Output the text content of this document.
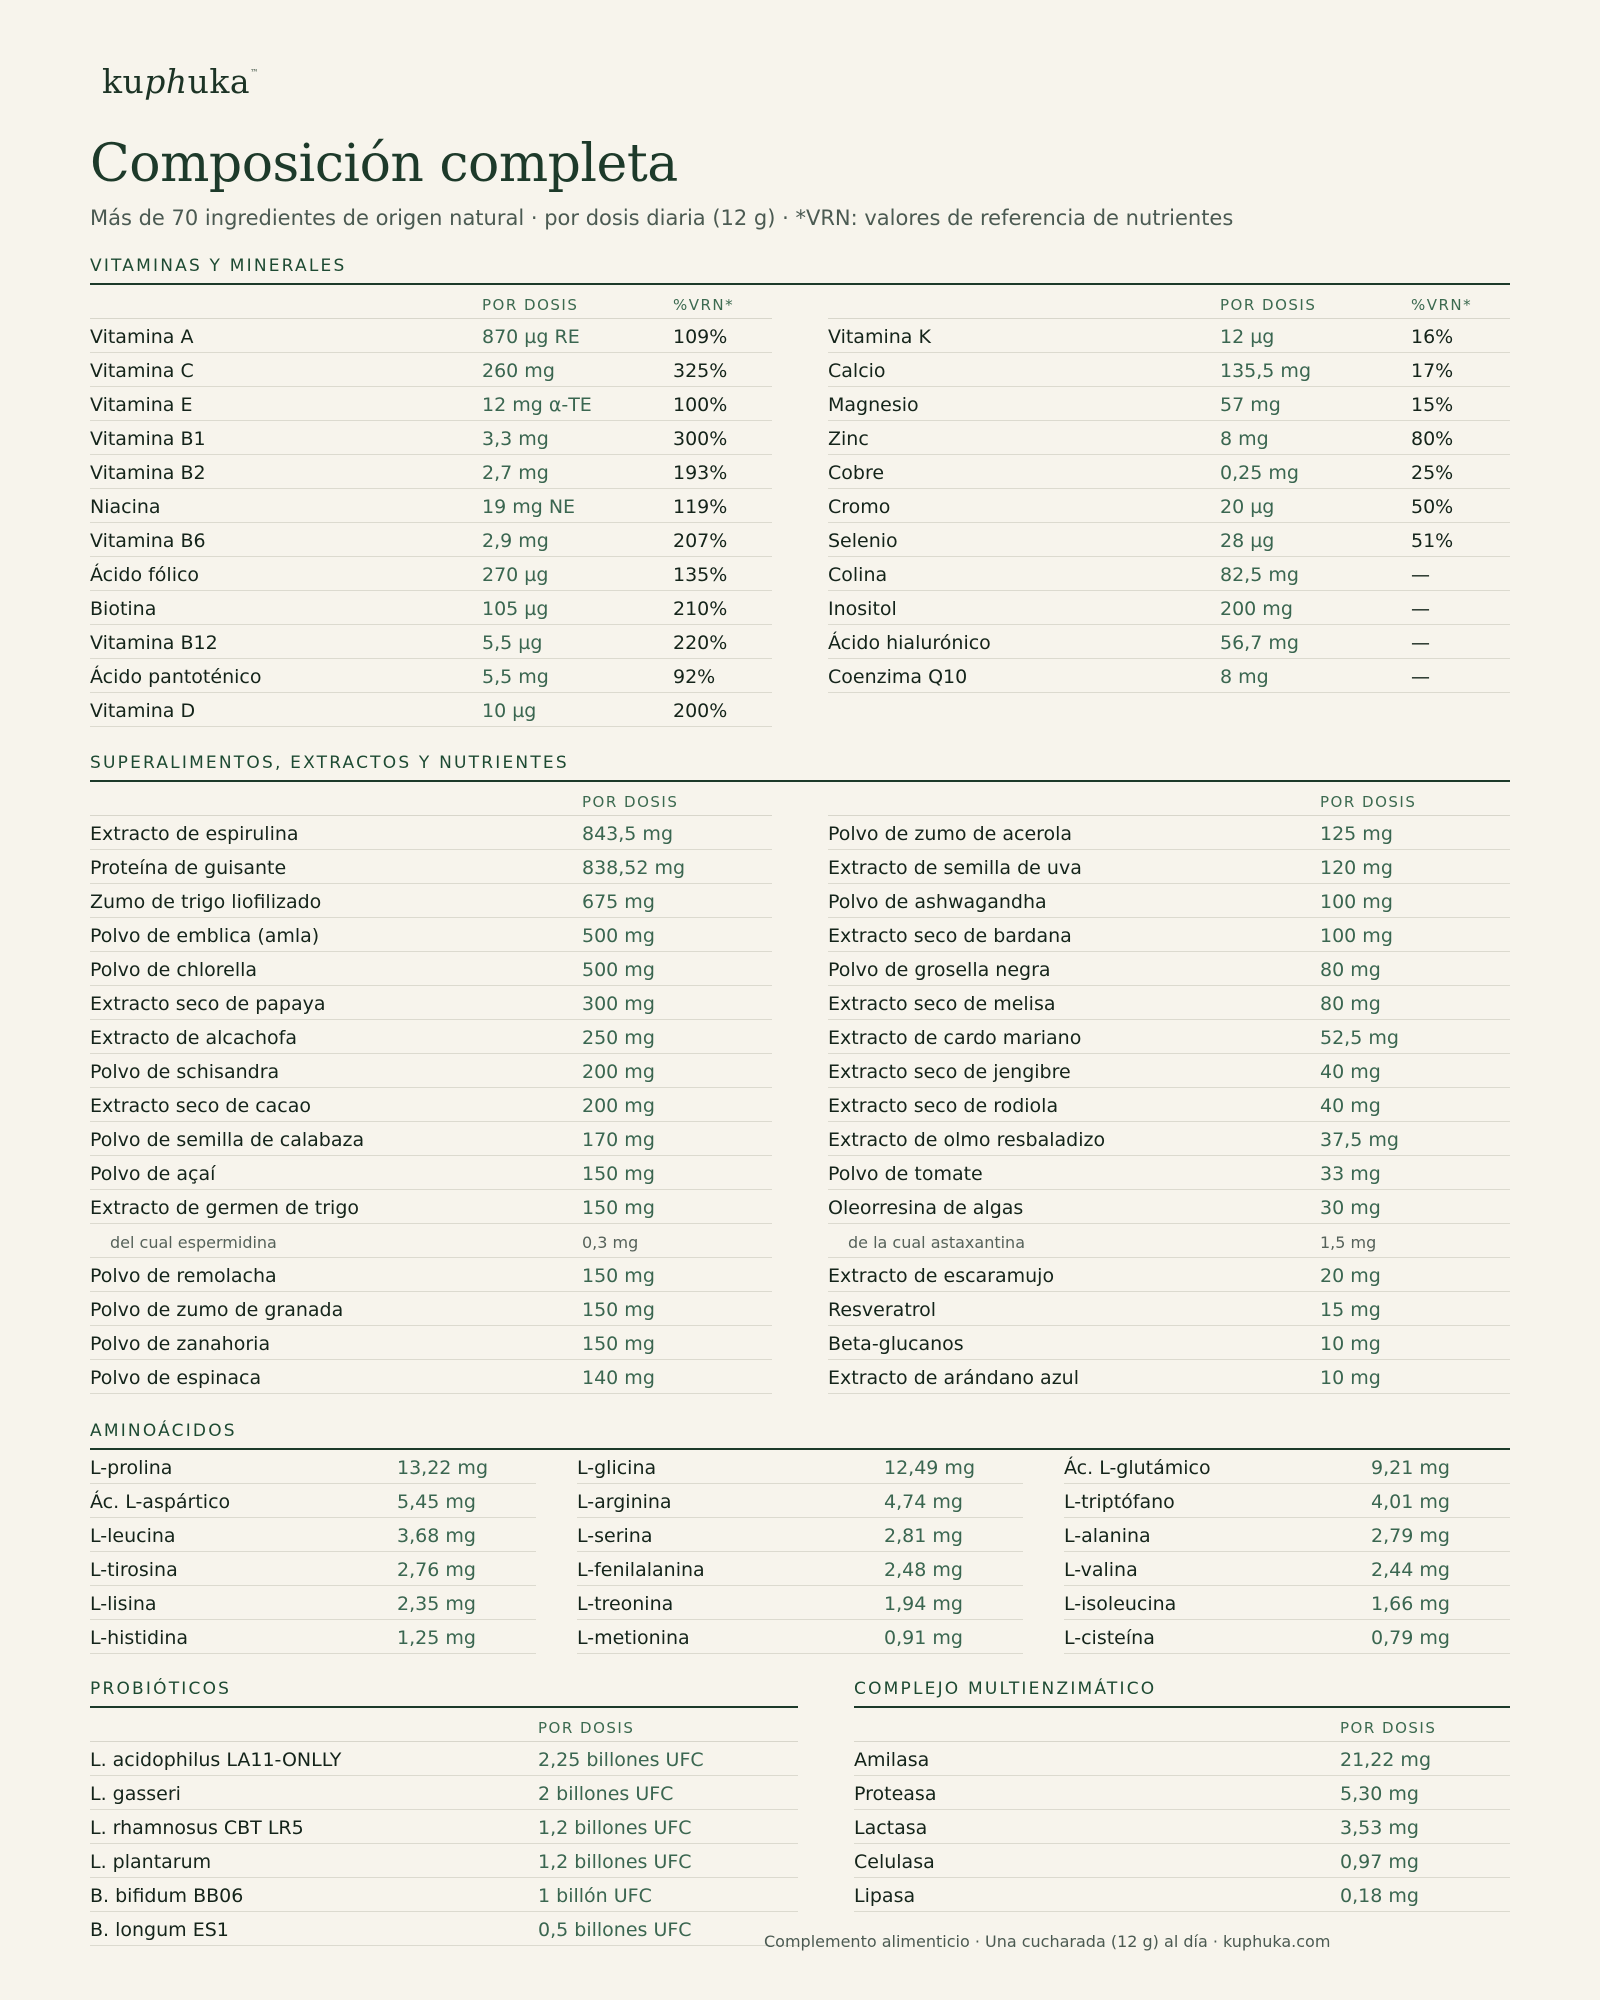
kuphuka™
Composición completa
Más de 70 ingredientes de origen natural · por dosis diaria (12 g) · *VRN: valores de referencia de nutrientes
VITAMINAS Y MINERALES
POR DOSIS	%VRN*
Vitamina A	870 µg RE	109%
Vitamina C	260 mg	325%
Vitamina E	12 mg α-TE	100%
Vitamina B1	3,3 mg	300%
Vitamina B2	2,7 mg	193%
Niacina	19 mg NE	119%
Vitamina B6	2,9 mg	207%
Ácido fólico	270 µg	135%
Biotina	105 µg	210%
Vitamina B12	5,5 µg	220%
Ácido pantoténico	5,5 mg	92%
Vitamina D	10 µg	200%
POR DOSIS	%VRN*
Vitamina K	12 µg	16%
Calcio	135,5 mg	17%
Magnesio	57 mg	15%
Zinc	8 mg	80%
Cobre	0,25 mg	25%
Cromo	20 µg	50%
Selenio	28 µg	51%
Colina	82,5 mg	—
Inositol	200 mg	—
Ácido hialurónico	56,7 mg	—
Coenzima Q10	8 mg	—
SUPERALIMENTOS, EXTRACTOS Y NUTRIENTES
POR DOSIS
Extracto de espirulina	843,5 mg
Proteína de guisante	838,52 mg
Zumo de trigo liofilizado	675 mg
Polvo de emblica (amla)	500 mg
Polvo de chlorella	500 mg
Extracto seco de papaya	300 mg
Extracto de alcachofa	250 mg
Polvo de schisandra	200 mg
Extracto seco de cacao	200 mg
Polvo de semilla de calabaza	170 mg
Polvo de açaí	150 mg
Extracto de germen de trigo	150 mg
del cual espermidina	0,3 mg
Polvo de remolacha	150 mg
Polvo de zumo de granada	150 mg
Polvo de zanahoria	150 mg
Polvo de espinaca	140 mg
POR DOSIS
Polvo de zumo de acerola	125 mg
Extracto de semilla de uva	120 mg
Polvo de ashwagandha	100 mg
Extracto seco de bardana	100 mg
Polvo de grosella negra	80 mg
Extracto seco de melisa	80 mg
Extracto de cardo mariano	52,5 mg
Extracto seco de jengibre	40 mg
Extracto seco de rodiola	40 mg
Extracto de olmo resbaladizo	37,5 mg
Polvo de tomate	33 mg
Oleorresina de algas	30 mg
de la cual astaxantina	1,5 mg
Extracto de escaramujo	20 mg
Resveratrol	15 mg
Beta-glucanos	10 mg
Extracto de arándano azul	10 mg
AMINOÁCIDOS
L-prolina	13,22 mg
Ác. L-aspártico	5,45 mg
L-leucina	3,68 mg
L-tirosina	2,76 mg
L-lisina	2,35 mg
L-histidina	1,25 mg
L-glicina	12,49 mg
L-arginina	4,74 mg
L-serina	2,81 mg
L-fenilalanina	2,48 mg
L-treonina	1,94 mg
L-metionina	0,91 mg
Ác. L-glutámico	9,21 mg
L-triptófano	4,01 mg
L-alanina	2,79 mg
L-valina	2,44 mg
L-isoleucina	1,66 mg
L-cisteína	0,79 mg
PROBIÓTICOS
POR DOSIS
L. acidophilus LA11-ONLLY	2,25 billones UFC
L. gasseri	2 billones UFC
L. rhamnosus CBT LR5	1,2 billones UFC
L. plantarum	1,2 billones UFC
B. bifidum BB06	1 billón UFC
B. longum ES1	0,5 billones UFC
COMPLEJO MULTIENZIMÁTICO
POR DOSIS
Amilasa	21,22 mg
Proteasa	5,30 mg
Lactasa	3,53 mg
Celulasa	0,97 mg
Lipasa	0,18 mg
Complemento alimenticio · Una cucharada (12 g) al día · kuphuka.com
